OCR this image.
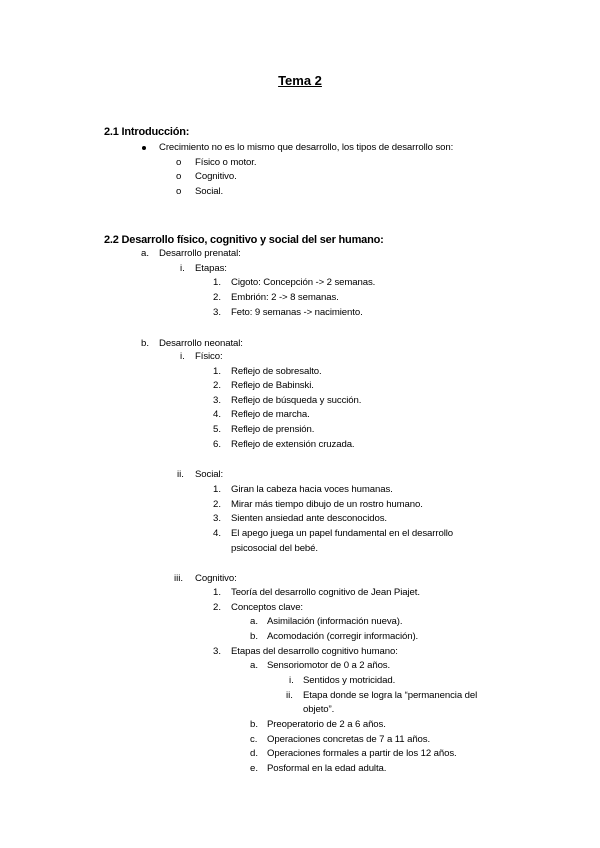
Tema 2

2.1 Introducción:

Crecimiento no es lo mismo que desarrollo, los tipos de desarrollo son:

o Físico o motor.

o Cognitivo.

o Social.

2.2 Desarrollo físico, cognitivo y social del ser humano:

a. Desarrollo prenatal:

i. Etapas:

1. Cigoto: Concepción -> 2 semanas.

2. Embrión: 2 -> 8 semanas.

3. Feto: 9 semanas -> nacimiento.

b. Desarrollo neonatal:

i. Físico:

1. Reflejo de sobresalto.

2. Reflejo de Babinski.

3. Reflejo de búsqueda y succión.

4. Reflejo de marcha.

5. Reflejo de prensión.

6. Reflejo de extensión cruzada.

ii. Social:

1. Giran la cabeza hacia voces humanas.

2. Mirar más tiempo dibujo de un rostro humano.

3. Sienten ansiedad ante desconocidos.

4. El apego juega un papel fundamental en el desarrollo

psicosocial del bebé.

iii. Cognitivo:

1. Teoría del desarrollo cognitivo de Jean Piajet.

2. Conceptos clave:

a. Asimilación (información nueva).

b. Acomodación (corregir información).

3. Etapas del desarrollo cognitivo humano:

a. Sensoriomotor de 0 a 2 años.

i. Sentidos y motricidad.

ii. Etapa donde se logra la “permanencia del

objeto”.

b. Preoperatorio de 2 a 6 años.

c. Operaciones concretas de 7 a 11 años.

d. Operaciones formales a partir de los 12 años.

e. Posformal en la edad adulta.
